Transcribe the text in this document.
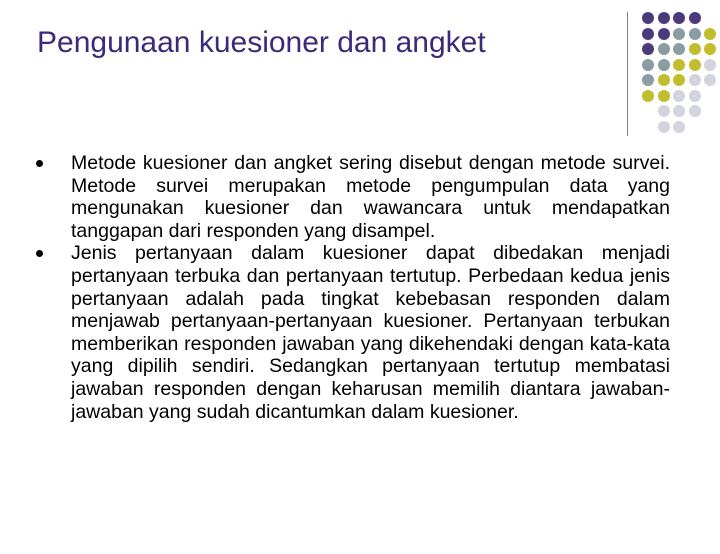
Pengunaan kuesioner dan angket
Metode kuesioner dan angket sering disebut dengan metode survei. Metode survei merupakan metode pengumpulan data yang mengunakan kuesioner dan wawancara untuk mendapatkan tanggapan dari responden yang disampel.
Jenis pertanyaan dalam kuesioner dapat dibedakan menjadi pertanyaan terbuka dan pertanyaan tertutup. Perbedaan kedua jenis pertanyaan adalah pada tingkat kebebasan responden dalam menjawab pertanyaan-pertanyaan kuesioner. Pertanyaan terbukan memberikan responden jawaban yang dikehendaki dengan kata-kata yang dipilih sendiri. Sedangkan pertanyaan tertutup membatasi jawaban responden dengan keharusan memilih diantara jawaban-jawaban yang sudah dicantumkan dalam kuesioner.
